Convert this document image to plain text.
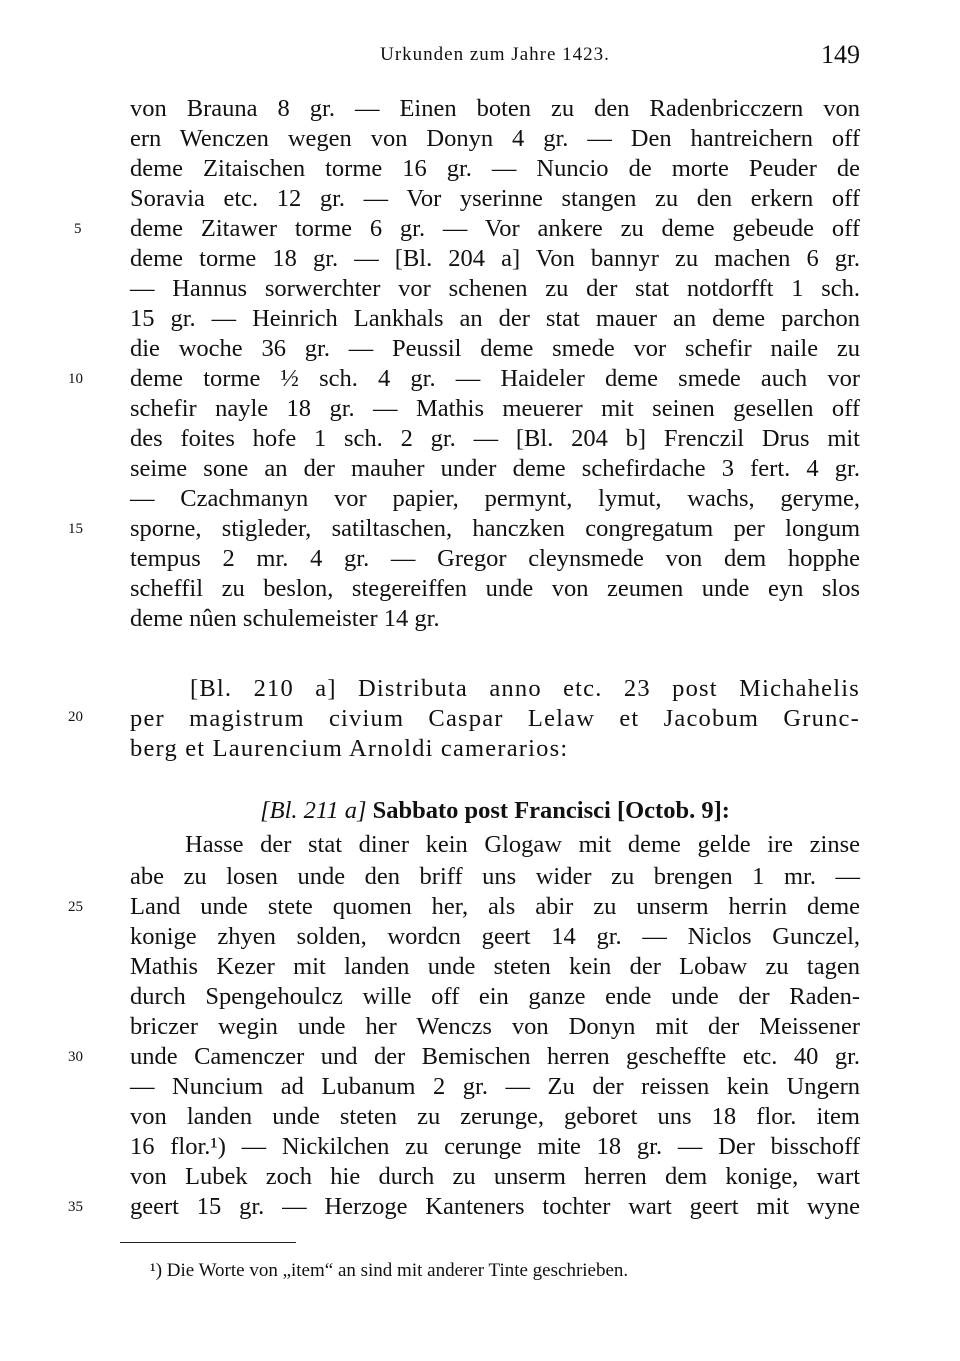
Urkunden zum Jahre 1423.	149
von Brauna 8 gr. — Einen boten zu den Radenbricczern von
ern Wenczen wegen von Donyn 4 gr. — Den hantreichern off
deme Zitaischen torme 16 gr. — Nuncio de morte Peuder de
Soravia etc. 12 gr. — Vor yserinne stangen zu den erkern off
deme Zitawer torme 6 gr. — Vor ankere zu deme gebeude off
deme torme 18 gr. — [Bl. 204 a] Von bannyr zu machen 6 gr.
— Hannus sorwerchter vor schenen zu der stat notdorfft 1 sch.
15 gr. — Heinrich Lankhals an der stat mauer an deme parchon
die woche 36 gr. — Peussil deme smede vor schefir naile zu
deme torme ½ sch. 4 gr. — Haideler deme smede auch vor
schefir nayle 18 gr. — Mathis meuerer mit seinen gesellen off
des foites hofe 1 sch. 2 gr. — [Bl. 204 b] Frenczil Drus mit
seime sone an der mauher under deme schefirdache 3 fert. 4 gr.
— Czachmanyn vor papier, permynt, lymut, wachs, geryme,
sporne, stigleder, satiltaschen, hanczken congregatum per longum
tempus 2 mr. 4 gr. — Gregor cleynsmede von dem hopphe
scheffil zu beslon, stegereiffen unde von zeumen unde eyn slos
deme nûen schulemeister 14 gr.
[Bl. 210 a] Distributa anno etc. 23 post Michahelis
per magistrum civium Caspar Lelaw et Jacobum Grunc-
berg et Laurencium Arnoldi camerarios:
[Bl. 211 a] Sabbato post Francisci [Octob. 9]:
Hasse der stat diner kein Glogaw mit deme gelde ire zinse
abe zu losen unde den briff uns wider zu brengen 1 mr. —
Land unde stete quomen her, als abir zu unserm herrin deme
konige zhyen solden, wordcn geert 14 gr. — Niclos Gunczel,
Mathis Kezer mit landen unde steten kein der Lobaw zu tagen
durch Spengehoulcz wille off ein ganze ende unde der Raden-
briczer wegin unde her Wenczs von Donyn mit der Meissener
unde Camenczer und der Bemischen herren gescheffte etc. 40 gr.
— Nuncium ad Lubanum 2 gr. — Zu der reissen kein Ungern
von landen unde steten zu zerunge, geboret uns 18 flor. item
16 flor.¹) — Nickilchen zu cerunge mite 18 gr. — Der bisschoff
von Lubek zoch hie durch zu unserm herren dem konige, wart
geert 15 gr. — Herzoge Kanteners tochter wart geert mit wyne
5
10
15
20
25
30
35
¹) Die Worte von „item“ an sind mit anderer Tinte geschrieben.
